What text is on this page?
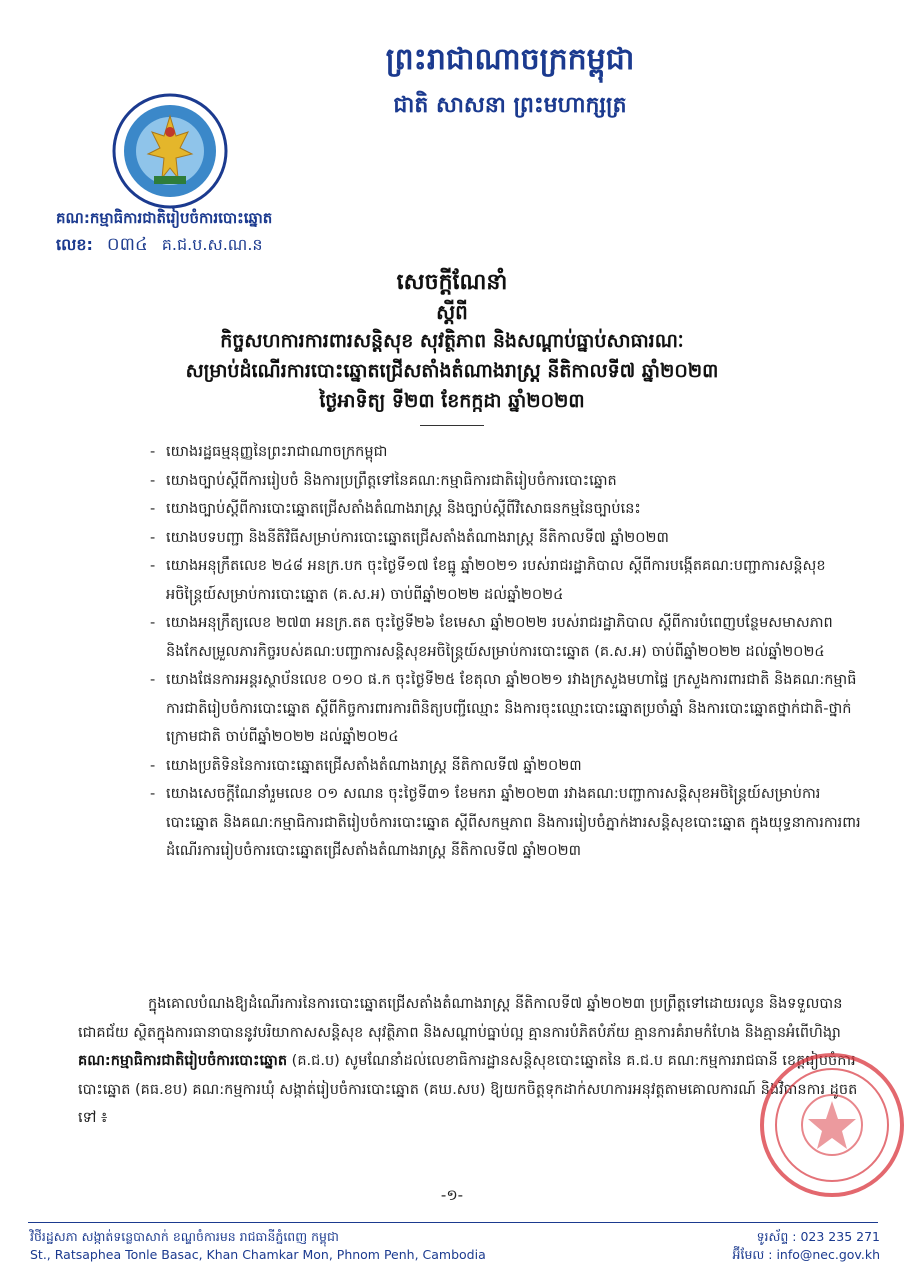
ព្រះរាជាណាចក្រកម្ពុជា
ជាតិ សាសនា ព្រះមហាក្សត្រ
គណ:កម្មាធិការជាតិរៀបចំការបោះឆ្នោត
លេខ: ០៣៤ គ.ជ.ប.ស.ណ.ន
សេចក្ដីណែនាំ
ស្ដីពី
កិច្ចសហការការពារសន្តិសុខ សុវត្ថិភាព និងសណ្ដាប់ធ្នាប់សាធារណៈ
សម្រាប់ដំណើរការបោះឆ្នោតជ្រើសតាំងតំណាងរាស្ត្រ នីតិកាលទី៧ ឆ្នាំ២០២៣
ថ្ងៃអាទិត្យ ទី២៣ ខែកក្កដា ឆ្នាំ២០២៣
- យោងរដ្ឋធម្មនុញ្ញនៃព្រះរាជាណាចក្រកម្ពុជា
- យោងច្បាប់ស្ដីពីការរៀបចំ និងការប្រព្រឹត្តទៅនៃគណ:កម្មាធិការជាតិរៀបចំការបោះឆ្នោត
- យោងច្បាប់ស្ដីពីការបោះឆ្នោតជ្រើសតាំងតំណាងរាស្ត្រ និងច្បាប់ស្ដីពីវិសោធនកម្មនៃច្បាប់នេះ
- យោងបទបញ្ជា និងនីតិវិធីសម្រាប់ការបោះឆ្នោតជ្រើសតាំងតំណាងរាស្ត្រ នីតិកាលទី៧ ឆ្នាំ២០២៣
- យោងអនុក្រឹតលេខ ២៤៨ អនក្រ.បក ចុះថ្ងៃទី១៧ ខែធ្នូ ឆ្នាំ២០២១ របស់រាជរដ្ឋាភិបាល ស្ដីពីការបង្កើតគណ:បញ្ជាការសន្តិសុខអចិន្ត្រៃយ៍សម្រាប់ការបោះឆ្នោត (គ.ស.អ) ចាប់ពីឆ្នាំ២០២២ ដល់ឆ្នាំ២០២៤
- យោងអនុក្រឹត្យលេខ ២៧៣ អនក្រ.តត ចុះថ្ងៃទី២៦ ខែមេសា ឆ្នាំ២០២២ របស់រាជរដ្ឋាភិបាល ស្ដីពីការបំពេញបន្ថែមសមាសភាព និងកែសម្រួលភារកិច្ចរបស់គណ:បញ្ជាការសន្តិសុខអចិន្ត្រៃយ៍សម្រាប់ការបោះឆ្នោត (គ.ស.អ) ចាប់ពីឆ្នាំ២០២២ ដល់ឆ្នាំ២០២៤
- យោងផែនការអន្តរស្ថាប័នលេខ ០១០ ផ.ក ចុះថ្ងៃទី២៥ ខែតុលា ឆ្នាំ២០២១ រវាងក្រសួងមហាផ្ទៃ ក្រសួងការពារជាតិ និងគណ:កម្មាធិការជាតិរៀបចំការបោះឆ្នោត ស្ដីពីកិច្ចការពារការពិនិត្យបញ្ជីឈ្មោះ និងការចុះឈ្មោះបោះឆ្នោតប្រចាំឆ្នាំ និងការបោះឆ្នោតថ្នាក់ជាតិ-ថ្នាក់ក្រោមជាតិ ចាប់ពីឆ្នាំ២០២២ ដល់ឆ្នាំ២០២៤
- យោងប្រតិទិននៃការបោះឆ្នោតជ្រើសតាំងតំណាងរាស្ត្រ នីតិកាលទី៧ ឆ្នាំ២០២៣
- យោងសេចក្ដីណែនាំរួមលេខ ០១ សណន ចុះថ្ងៃទី៣១ ខែមករា ឆ្នាំ២០២៣ រវាងគណ:បញ្ជាការសន្តិសុខអចិន្ត្រៃយ៍សម្រាប់ការបោះឆ្នោត និងគណ:កម្មាធិការជាតិរៀបចំការបោះឆ្នោត ស្ដីពីសកម្មភាព និងការរៀបចំភ្នាក់ងារសន្តិសុខបោះឆ្នោត ក្នុងយុទ្ធនាការការពារដំណើរការរៀបចំការបោះឆ្នោតជ្រើសតាំងតំណាងរាស្ត្រ នីតិកាលទី៧ ឆ្នាំ២០២៣
ក្នុងគោលបំណងឱ្យដំណើរការនៃការបោះឆ្នោតជ្រើសតាំងតំណាងរាស្ត្រ នីតិកាលទី៧ ឆ្នាំ២០២៣ ប្រព្រឹត្តទៅដោយរលូន និងទទួលបានជោគជ័យ ស្ថិតក្នុងការធានាបាននូវបរិយាកាសសន្តិសុខ សុវត្ថិភាព និងសណ្ដាប់ធ្នាប់ល្អ គ្មានការបំភិតបំភ័យ គ្មានការគំរាមកំហែង និងគ្មានអំពើហិង្សា គណ:កម្មាធិការជាតិរៀបចំការបោះឆ្នោត (គ.ជ.ប) សូមណែនាំដល់លេខាធិការដ្ឋានសន្តិសុខបោះឆ្នោតនៃ គ.ជ.ប គណ:កម្មការរាជធានី ខេត្តរៀបចំការបោះឆ្នោត (គធ.ខប) គណ:កម្មការឃុំ សង្កាត់រៀបចំការបោះឆ្នោត (គឃ.សប) ឱ្យយកចិត្តទុកដាក់សហការអនុវត្តតាមគោលការណ៍ និងវិធានការ ដូចតទៅ ៖
-១-
វិថីរដ្ឋសភា សង្កាត់ទន្លេបាសាក់ ខណ្ឌចំការមន រាជធានីភ្នំពេញ កម្ពុជា
St., Ratsaphea Tonle Basac, Khan Chamkar Mon, Phnom Penh, Cambodia
ទូរស័ព្ទ : 023 235 271
អ៊ីមែល : info@nec.gov.kh
